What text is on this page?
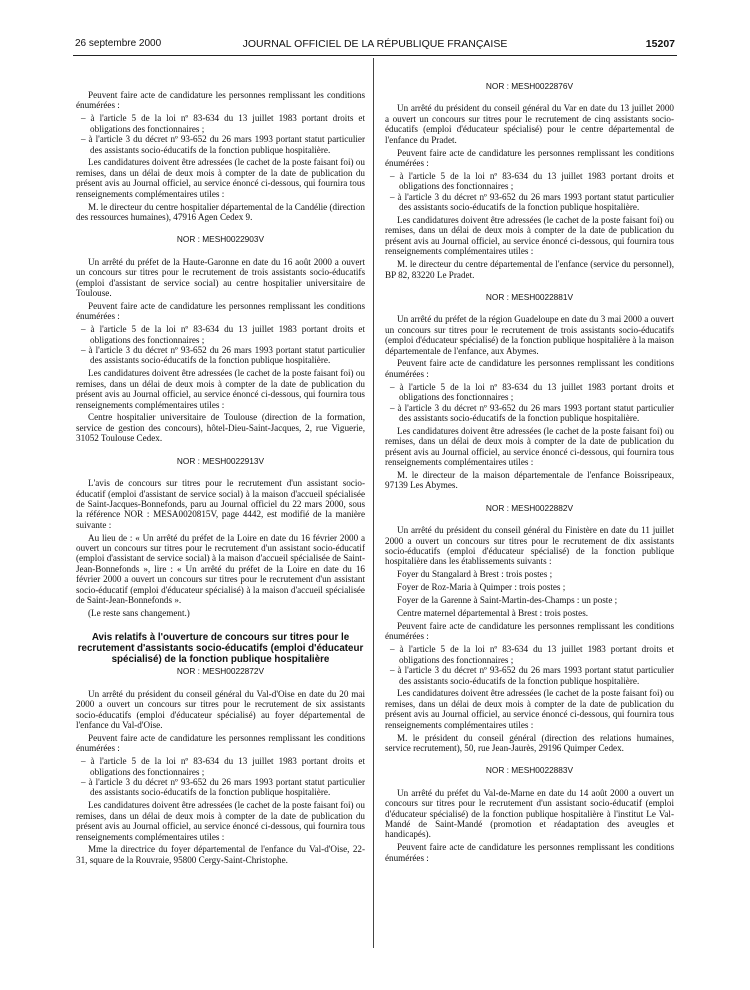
26 septembre 2000	JOURNAL OFFICIEL DE LA RÉPUBLIQUE FRANÇAISE	15207

Peuvent faire acte de candidature les personnes remplissant les conditions énumérées :

– à l'article 5 de la loi nº 83-634 du 13 juillet 1983 portant droits et obligations des fonctionnaires ;
– à l'article 3 du décret nº 93-652 du 26 mars 1993 portant statut particulier des assistants socio-éducatifs de la fonction publique hospitalière.

Les candidatures doivent être adressées (le cachet de la poste faisant foi) ou remises, dans un délai de deux mois à compter de la date de publication du présent avis au Journal officiel, au service énoncé ci-dessous, qui fournira tous renseignements complémentaires utiles :

M. le directeur du centre hospitalier départemental de la Candélie (direction des ressources humaines), 47916 Agen Cedex 9.

NOR : MESH0022903V

Un arrêté du préfet de la Haute-Garonne en date du 16 août 2000 a ouvert un concours sur titres pour le recrutement de trois assistants socio-éducatifs (emploi d'assistant de service social) au centre hospitalier universitaire de Toulouse.

Peuvent faire acte de candidature les personnes remplissant les conditions énumérées :

– à l'article 5 de la loi nº 83-634 du 13 juillet 1983 portant droits et obligations des fonctionnaires ;
– à l'article 3 du décret nº 93-652 du 26 mars 1993 portant statut particulier des assistants socio-éducatifs de la fonction publique hospitalière.

Les candidatures doivent être adressées (le cachet de la poste faisant foi) ou remises, dans un délai de deux mois à compter de la date de publication du présent avis au Journal officiel, au service énoncé ci-dessous, qui fournira tous renseignements complémentaires utiles :

Centre hospitalier universitaire de Toulouse (direction de la formation, service de gestion des concours), hôtel-Dieu-Saint-Jacques, 2, rue Viguerie, 31052 Toulouse Cedex.

NOR : MESH0022913V

L'avis de concours sur titres pour le recrutement d'un assistant socio-éducatif (emploi d'assistant de service social) à la maison d'accueil spécialisée de Saint-Jacques-Bonnefonds, paru au Journal officiel du 22 mars 2000, sous la référence NOR : MESA0020815V, page 4442, est modifié de la manière suivante :

Au lieu de : « Un arrêté du préfet de la Loire en date du 16 février 2000 a ouvert un concours sur titres pour le recrutement d'un assistant socio-éducatif (emploi d'assistant de service social) à la maison d'accueil spécialisée de Saint-Jean-Bonnefonds », lire : « Un arrêté du préfet de la Loire en date du 16 février 2000 a ouvert un concours sur titres pour le recrutement d'un assistant socio-éducatif (emploi d'éducateur spécialisé) à la maison d'accueil spécialisée de Saint-Jean-Bonnefonds ».

(Le reste sans changement.)

Avis relatifs à l'ouverture de concours sur titres pour le recrutement d'assistants socio-éducatifs (emploi d'éducateur spécialisé) de la fonction publique hospitalière
NOR : MESH0022872V

Un arrêté du président du conseil général du Val-d'Oise en date du 20 mai 2000 a ouvert un concours sur titres pour le recrutement de six assistants socio-éducatifs (emploi d'éducateur spécialisé) au foyer départemental de l'enfance du Val-d'Oise.

Peuvent faire acte de candidature les personnes remplissant les conditions énumérées :

– à l'article 5 de la loi nº 83-634 du 13 juillet 1983 portant droits et obligations des fonctionnaires ;
– à l'article 3 du décret nº 93-652 du 26 mars 1993 portant statut particulier des assistants socio-éducatifs de la fonction publique hospitalière.

Les candidatures doivent être adressées (le cachet de la poste faisant foi) ou remises, dans un délai de deux mois à compter de la date de publication du présent avis au Journal officiel, au service énoncé ci-dessous, qui fournira tous renseignements complémentaires utiles :

Mme la directrice du foyer départemental de l'enfance du Val-d'Oise, 22-31, square de la Rouvraie, 95800 Cergy-Saint-Christophe.

NOR : MESH0022876V

Un arrêté du président du conseil général du Var en date du 13 juillet 2000 a ouvert un concours sur titres pour le recrutement de cinq assistants socio-éducatifs (emploi d'éducateur spécialisé) pour le centre départemental de l'enfance du Pradet.

Peuvent faire acte de candidature les personnes remplissant les conditions énumérées :

– à l'article 5 de la loi nº 83-634 du 13 juillet 1983 portant droits et obligations des fonctionnaires ;
– à l'article 3 du décret nº 93-652 du 26 mars 1993 portant statut particulier des assistants socio-éducatifs de la fonction publique hospitalière.

Les candidatures doivent être adressées (le cachet de la poste faisant foi) ou remises, dans un délai de deux mois à compter de la date de publication du présent avis au Journal officiel, au service énoncé ci-dessous, qui fournira tous renseignements complémentaires utiles :

M. le directeur du centre départemental de l'enfance (service du personnel), BP 82, 83220 Le Pradet.

NOR : MESH0022881V

Un arrêté du préfet de la région Guadeloupe en date du 3 mai 2000 a ouvert un concours sur titres pour le recrutement de trois assistants socio-éducatifs (emploi d'éducateur spécialisé) de la fonction publique hospitalière à la maison départementale de l'enfance, aux Abymes.

Peuvent faire acte de candidature les personnes remplissant les conditions énumérées :

– à l'article 5 de la loi nº 83-634 du 13 juillet 1983 portant droits et obligations des fonctionnaires ;
– à l'article 3 du décret nº 93-652 du 26 mars 1993 portant statut particulier des assistants socio-éducatifs de la fonction publique hospitalière.

Les candidatures doivent être adressées (le cachet de la poste faisant foi) ou remises, dans un délai de deux mois à compter de la date de publication du présent avis au Journal officiel, au service énoncé ci-dessous, qui fournira tous renseignements complémentaires utiles :

M. le directeur de la maison départementale de l'enfance Boissripeaux, 97139 Les Abymes.

NOR : MESH0022882V

Un arrêté du président du conseil général du Finistère en date du 11 juillet 2000 a ouvert un concours sur titres pour le recrutement de dix assistants socio-éducatifs (emploi d'éducateur spécialisé) de la fonction publique hospitalière dans les établissements suivants :

Foyer du Stangalard à Brest : trois postes ;

Foyer de Roz-Maria à Quimper : trois postes ;

Foyer de la Garenne à Saint-Martin-des-Champs : un poste ;

Centre maternel départemental à Brest : trois postes.

Peuvent faire acte de candidature les personnes remplissant les conditions énumérées :

– à l'article 5 de la loi nº 83-634 du 13 juillet 1983 portant droits et obligations des fonctionnaires ;
– à l'article 3 du décret nº 93-652 du 26 mars 1993 portant statut particulier des assistants socio-éducatifs de la fonction publique hospitalière.

Les candidatures doivent être adressées (le cachet de la poste faisant foi) ou remises, dans un délai de deux mois à compter de la date de publication du présent avis au Journal officiel, au service énoncé ci-dessous, qui fournira tous renseignements complémentaires utiles :

M. le président du conseil général (direction des relations humaines, service recrutement), 50, rue Jean-Jaurès, 29196 Quimper Cedex.

NOR : MESH0022883V

Un arrêté du préfet du Val-de-Marne en date du 14 août 2000 a ouvert un concours sur titres pour le recrutement d'un assistant socio-éducatif (emploi d'éducateur spécialisé) de la fonction publique hospitalière à l'institut Le Val-Mandé de Saint-Mandé (promotion et réadaptation des aveugles et handicapés).

Peuvent faire acte de candidature les personnes remplissant les conditions énumérées :
